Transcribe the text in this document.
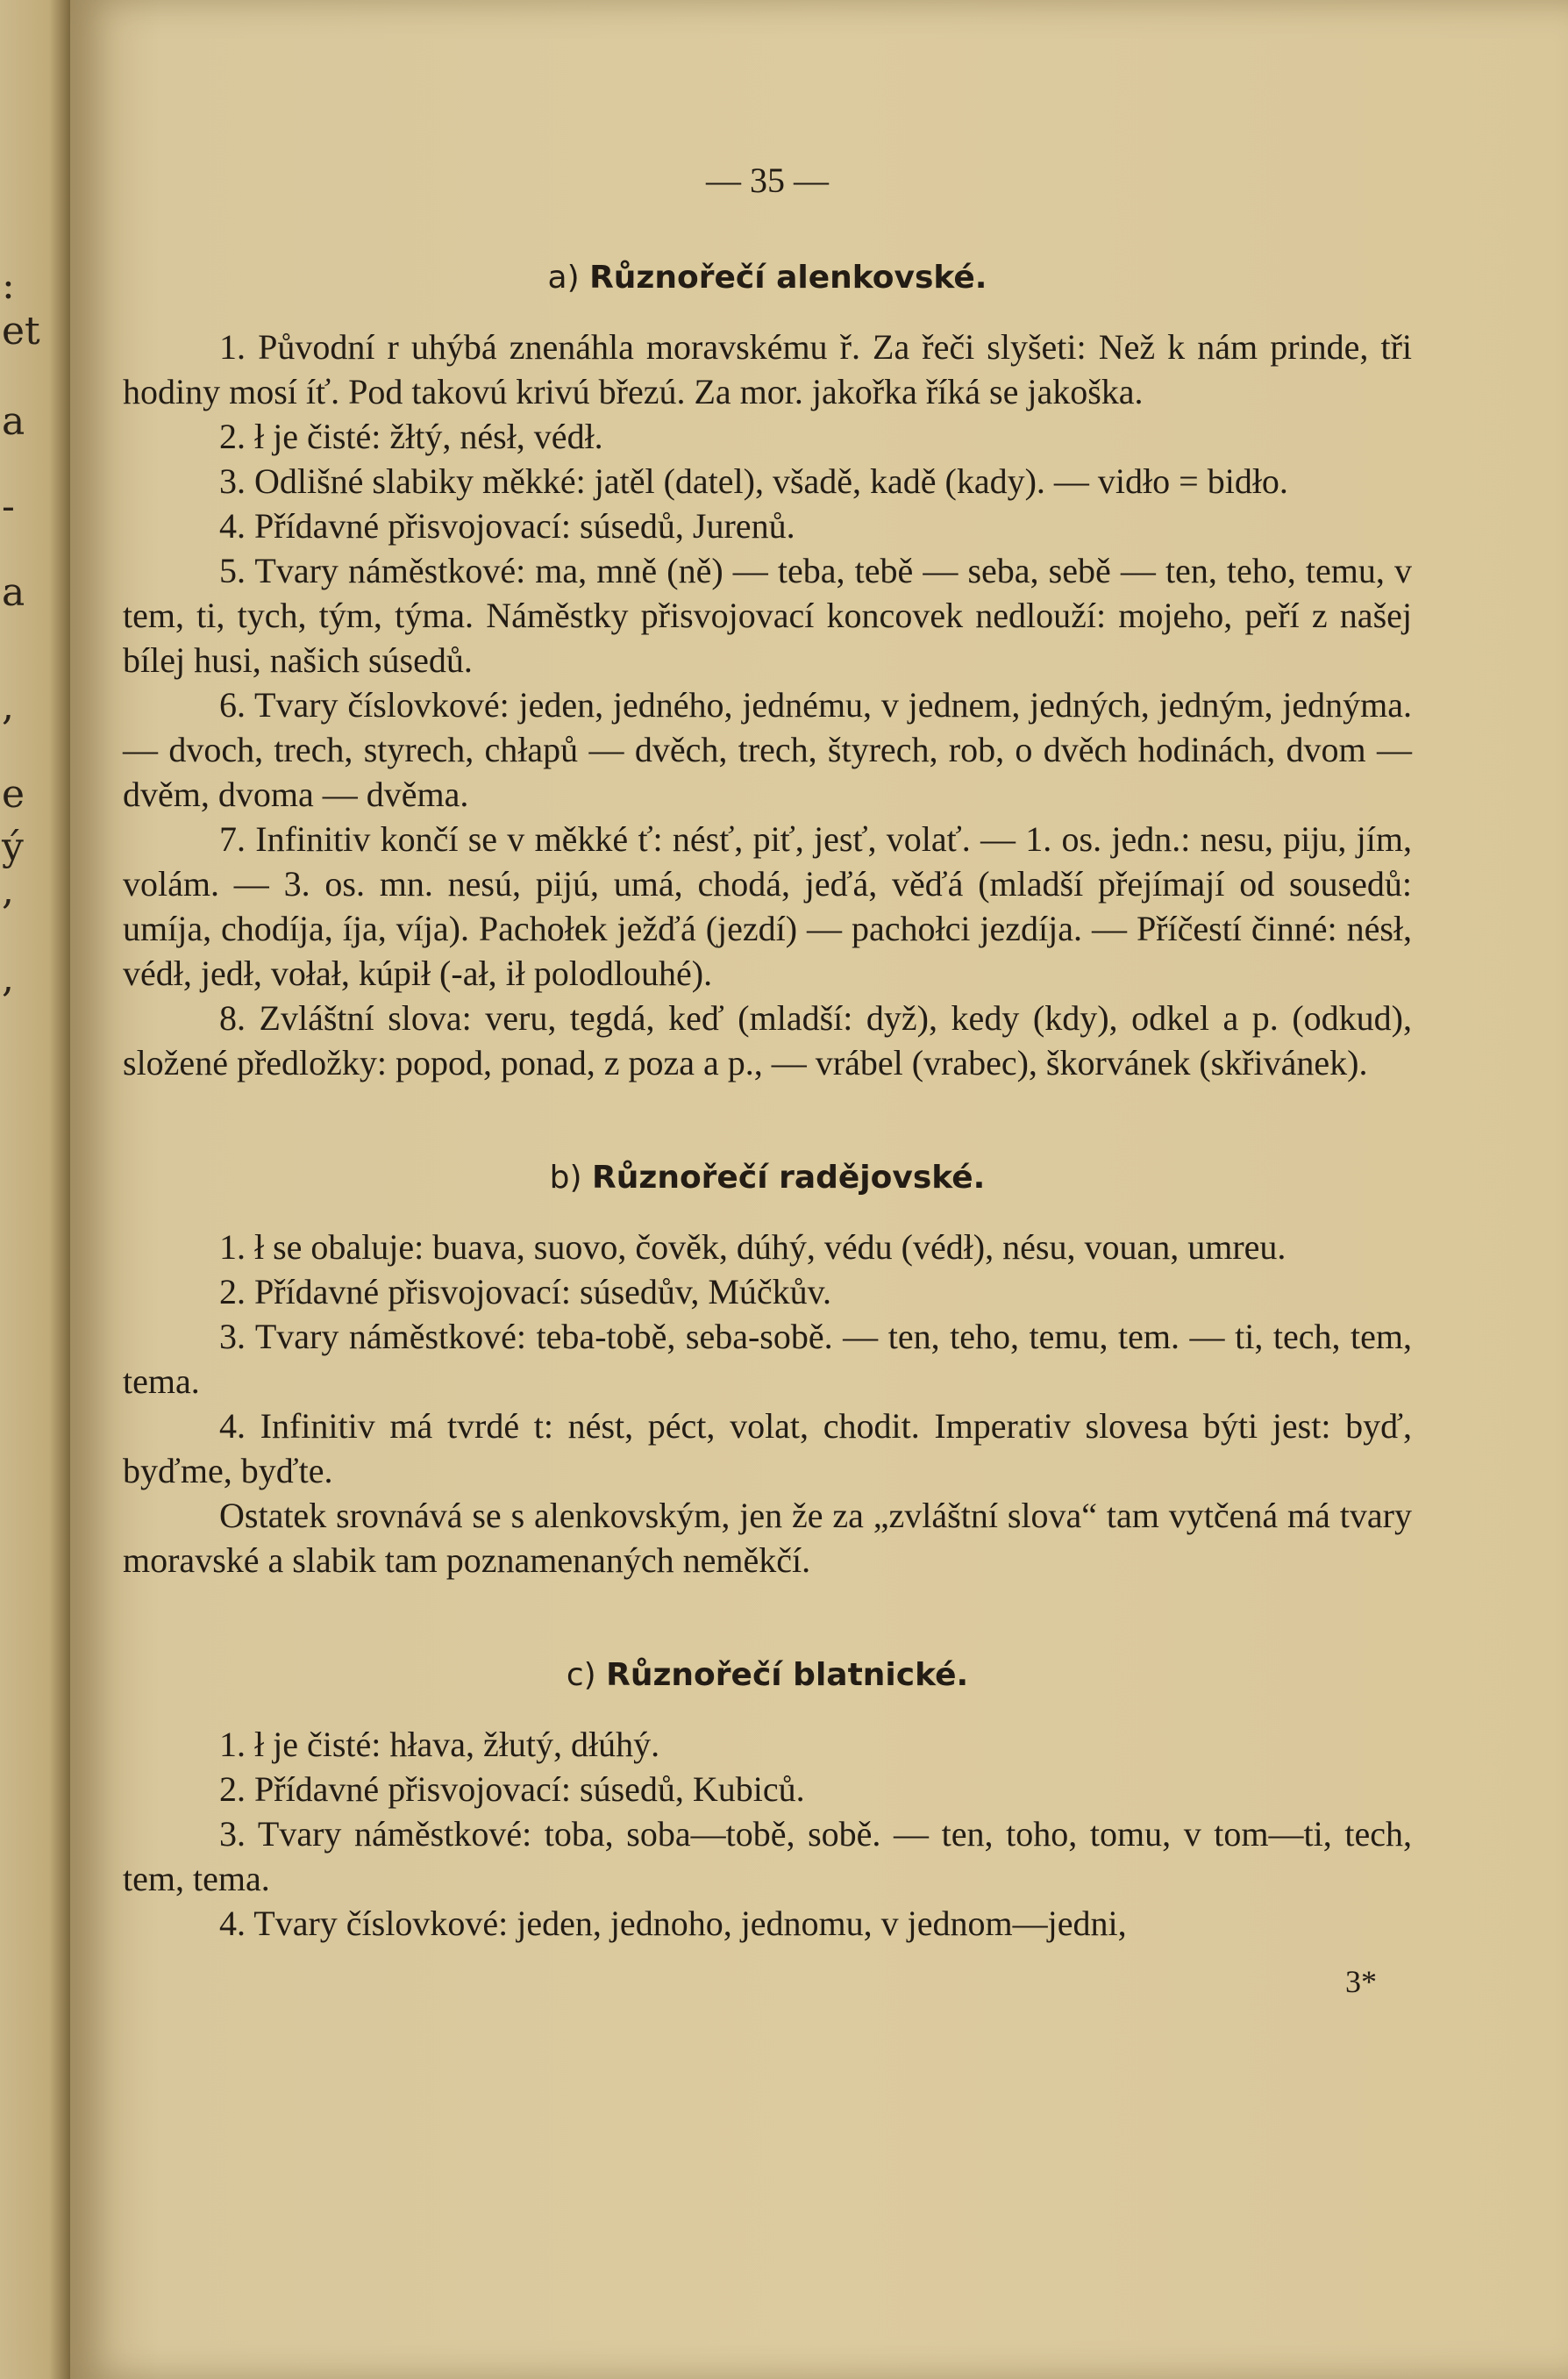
:
et
a
-
a
,
e
ý
,
,
— 35 —
a) Různořečí alenkovské.

1. Původní r uhýbá znenáhla moravskému ř. Za řeči slyšeti: Než k nám prinde, tři hodiny mosí íť. Pod takovú krivú březú. Za mor. jakořka říká se jakoška.

2. ł je čisté: žłtý, nésł, védł.

3. Odlišné slabiky měkké: jatěl (datel), všadě, kadě (kady). — vidło = bidło.

4. Přídavné přisvojovací: súsedů, Jurenů.

5. Tvary náměstkové: ma, mně (ně) — teba, tebě — seba, sebě — ten, teho, temu, v tem, ti, tych, tým, týma. Náměstky přisvojovací koncovek nedlouží: mojeho, peří z našej bílej husi, našich súsedů.

6. Tvary číslovkové: jeden, jedného, jednému, v jednem, jedných, jedným, jednýma. — dvoch, trech, styrech, chłapů — dvěch, trech, štyrech, rob, o dvěch hodinách, dvom — dvěm, dvoma — dvěma.

7. Infinitiv končí se v měkké ť: nésť, piť, jesť, volať. — 1. os. jedn.: nesu, piju, jím, volám. — 3. os. mn. nesú, pijú, umá, chodá, jeďá, věďá (mladší přejímají od sousedů: umíja, chodíja, íja, víja). Pachołek ježďá (jezdí) — pachołci jezdíja. — Příčestí činné: nésł, védł, jedł, vołał, kúpił (-ał, ił polodlouhé).

8. Zvláštní slova: veru, tegdá, keď (mladší: dyž), kedy (kdy), odkel a p. (odkud), složené předložky: popod, ponad, z poza a p., — vrábel (vrabec), škorvánek (skřivánek).

b) Různořečí radějovské.

1. ł se obaluje: buava, suovo, čověk, dúhý, védu (védł), nésu, vouan, umreu.

2. Přídavné přisvojovací: súsedův, Múčkův.

3. Tvary náměstkové: teba-tobě, seba-sobě. — ten, teho, temu, tem. — ti, tech, tem, tema.

4. Infinitiv má tvrdé t: nést, péct, volat, chodit. Imperativ slovesa býti jest: byď, byďme, byďte.

Ostatek srovnává se s alenkovským, jen že za „zvláštní slova“ tam vytčená má tvary moravské a slabik tam poznamenaných neměkčí.

c) Různořečí blatnické.

1. ł je čisté: hłava, žłutý, dłúhý.

2. Přídavné přisvojovací: súsedů, Kubiců.

3. Tvary náměstkové: toba, soba—tobě, sobě. — ten, toho, tomu, v tom—ti, tech, tem, tema.

4. Tvary číslovkové: jeden, jednoho, jednomu, v jednom—jedni,

3*
